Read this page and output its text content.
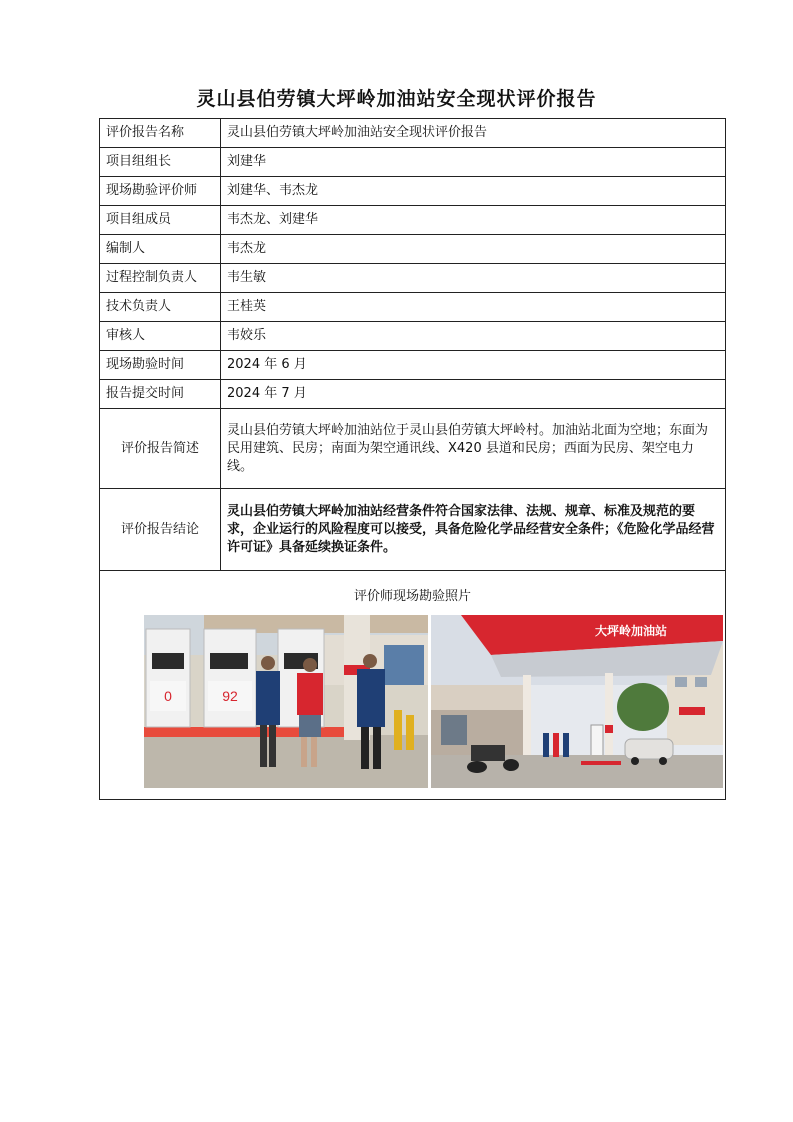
灵山县伯劳镇大坪岭加油站安全现状评价报告
评价报告名称	灵山县伯劳镇大坪岭加油站安全现状评价报告
项目组组长	刘建华
现场勘验评价师	刘建华、韦杰龙
项目组成员	韦杰龙、刘建华
编制人	韦杰龙
过程控制负责人	韦生敏
技术负责人	王桂英
审核人	韦姣乐
现场勘验时间	2024 年 6 月
报告提交时间	2024 年 7 月
评价报告简述	灵山县伯劳镇大坪岭加油站位于灵山县伯劳镇大坪岭村。加油站北面为空地；东面为民用建筑、民房；南面为架空通讯线、X420 县道和民房；西面为民房、架空电力线。
评价报告结论	灵山县伯劳镇大坪岭加油站经营条件符合国家法律、法规、规章、标准及规范的要求，企业运行的风险程度可以接受，具备危险化学品经营安全条件；《危险化学品经营许可证》具备延续换证条件。

评价师现场勘验照片
0 92
大坪岭加油站	
